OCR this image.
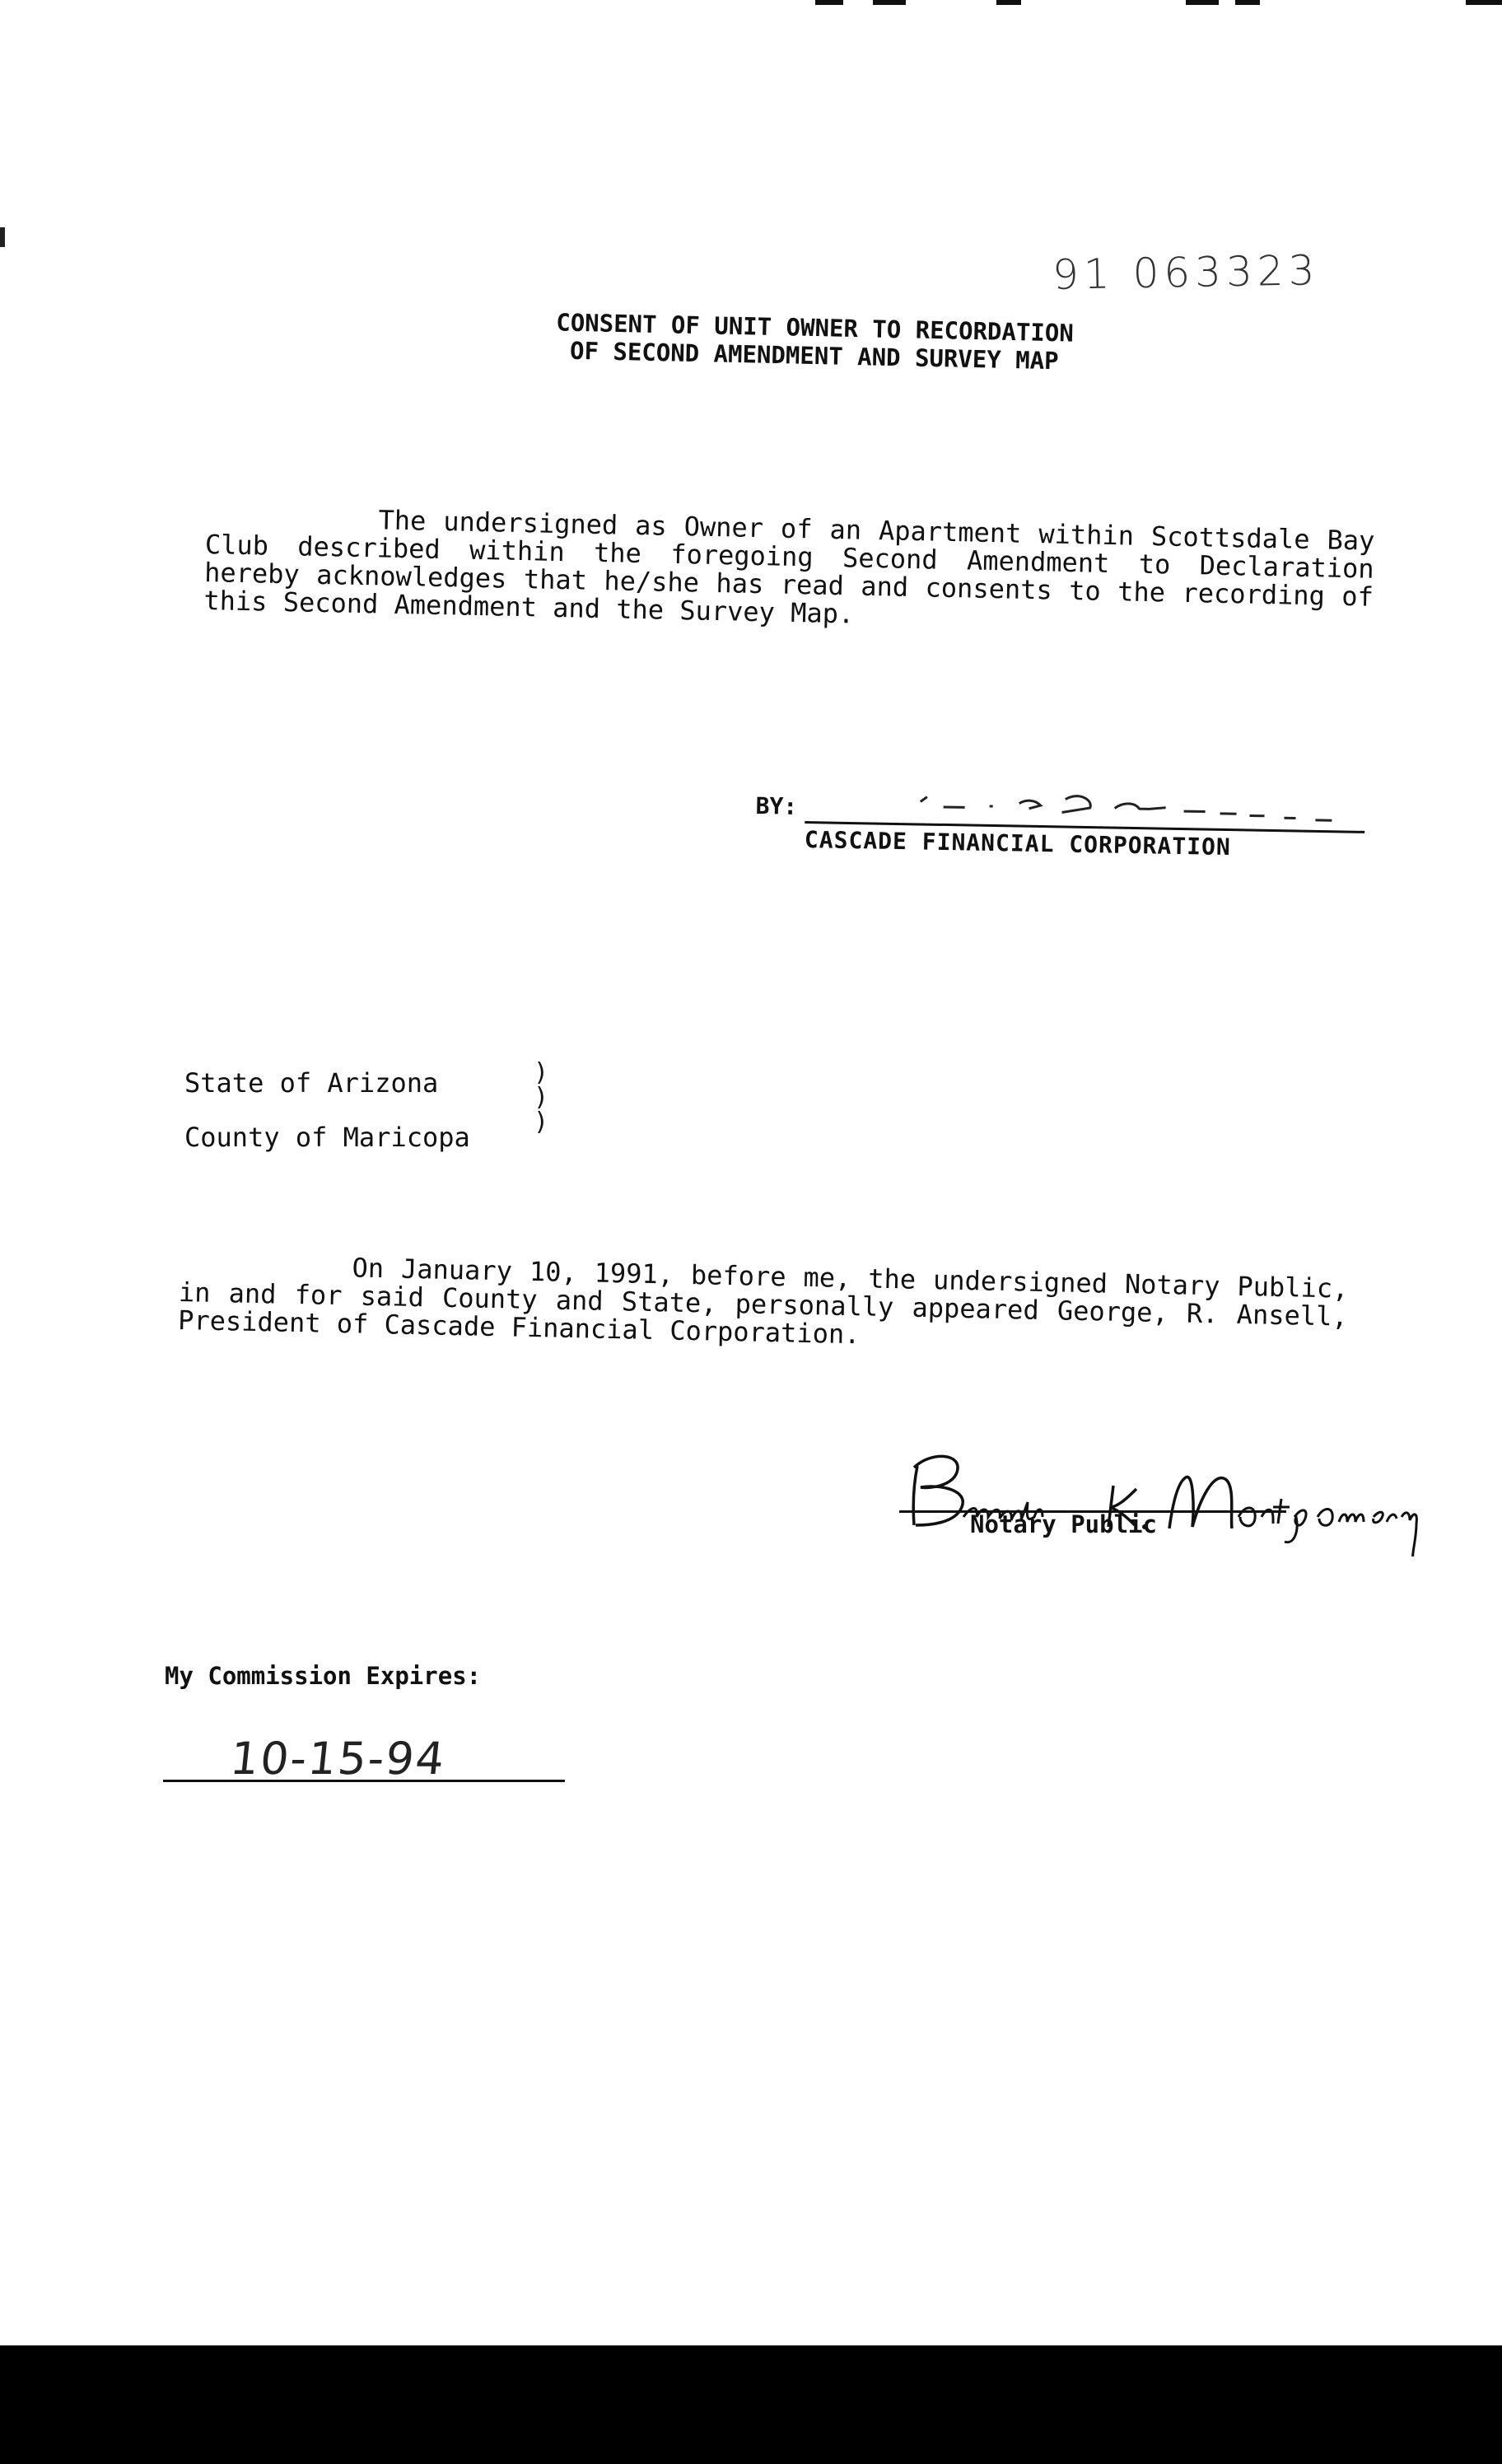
91 063323
CONSENT OF UNIT OWNER TO RECORDATION
OF SECOND AMENDMENT AND SURVEY MAP
The undersigned as Owner of an Apartment within Scottsdale Bay Club described within the foregoing Second Amendment to Declaration hereby acknowledges that he/she has read and consents to the recording of this Second Amendment and the Survey Map.
BY:
CASCADE FINANCIAL CORPORATION
State of Arizona
County of Maricopa
)
)
)
On January 10, 1991, before me, the undersigned Notary Public, in and for said County and State, personally appeared George, R. Ansell, President of Cascade Financial Corporation.
Notary Public
My Commission Expires:
10-15-94
